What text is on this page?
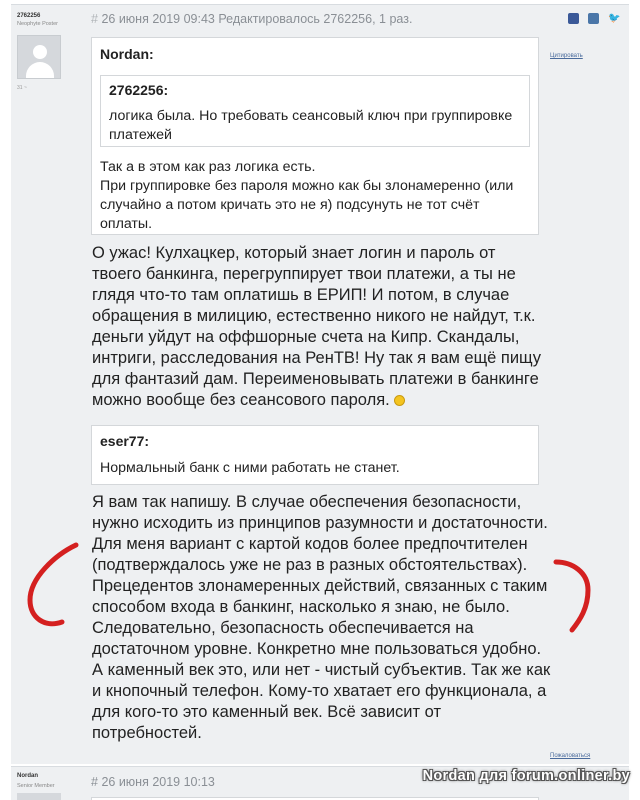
2762256
Neophyte Poster
31 ~
# 26 июня 2019 09:43 Редактировалось 2762256, 1 раз.	🐦
Цитировать
Nordan:
2762256:
логика была. Но требовать сеансовый ключ при группировке платежей
Так а в этом как раз логика есть.
При группировке без пароля можно как бы злонамеренно (или случайно а потом кричать это не я) подсунуть не тот счёт оплаты.
О ужас! Кулхацкер, который знает логин и пароль от твоего банкинга, перегруппирует твои платежи, а ты не глядя что-то там оплатишь в ЕРИП! И потом, в случае обращения в милицию, естественно никого не найдут, т.к. деньги уйдут на оффшорные счета на Кипр. Скандалы, интриги, расследования на РенТВ! Ну так я вам ещё пищу для фантазий дам. Переименовывать платежи в банкинге можно вообще без сеансового пароля.
eser77:
Нормальный банк с ними работать не станет.
Я вам так напишу. В случае обеспечения безопасности, нужно исходить из принципов разумности и достаточности. Для меня вариант с картой кодов более предпочтителен (подтверждалось уже не раз в разных обстоятельствах). Прецедентов злонамеренных действий, связанных с таким способом входа в банкинг, насколько я знаю, не было. Следовательно, безопасность обеспечивается на достаточном уровне. Конкретно мне пользоваться удобно. А каменный век это, или нет - чистый субъектив. Так же как и кнопочный телефон. Кому-то хватает его функционала, а для кого-то это каменный век. Всё зависит от потребностей.
Пожаловаться
Nordan
Senior Member	# 26 июня 2019 10:13	Nordan для forum.onliner.by
